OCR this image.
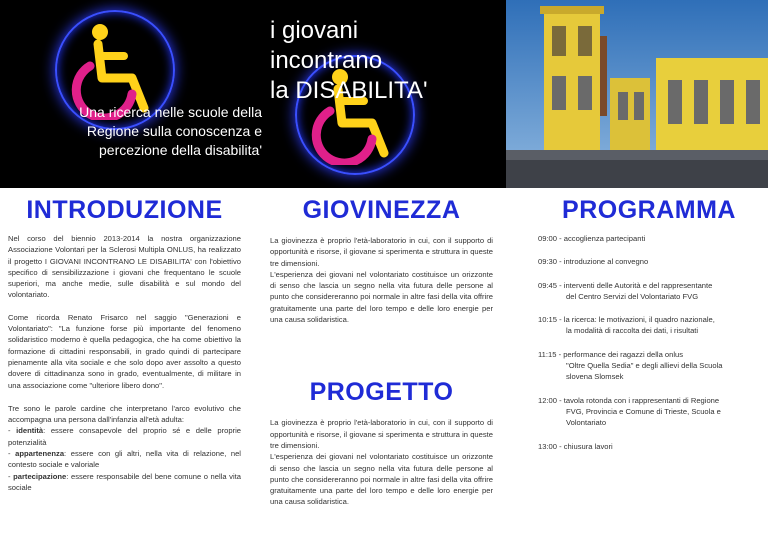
Una ricerca nelle scuole della
Regione sulla conoscenza e
percezione della disabilita'
i giovani
incontrano
la DISABILITA'
INTRODUZIONE

Nel corso del biennio 2013-2014 la nostra organizzazione Associazione Volontari per la Sclerosi Multipla ONLUS, ha realizzato il progetto I GIOVANI INCONTRANO LE DISABILITA' con l'obiettivo specifico di sensibilizzazione i giovani che frequentano le scuole superiori, ma anche medie, sulle disabilità e sul mondo del volontariato.

Come ricorda Renato Frisarco nel saggio "Generazioni e Volontariato": "La funzione forse più importante del fenomeno solidaristico moderno è quella pedagogica, che ha come obiettivo la formazione di cittadini responsabili, in grado quindi di partecipare pienamente alla vita sociale e che solo dopo aver assolto a questo dovere di cittadinanza sono in grado, eventualmente, di militare in una associazione come "ulteriore libero dono".

Tre sono le parole cardine che interpretano l'arco evolutivo che accompagna una persona dall'infanzia all'età adulta:
- identità: essere consapevole del proprio sé e delle proprie potenzialità
- appartenenza: essere con gli altri, nella vita di relazione, nel contesto sociale e valoriale
- partecipazione: essere responsabile del bene comune o nella vita sociale

GIOVINEZZA

La giovinezza è proprio l'età-laboratorio in cui, con il supporto di opportunità e risorse, il giovane si sperimenta e struttura in queste tre dimensioni.
L'esperienza dei giovani nel volontariato costituisce un orizzonte di senso che lascia un segno nella vita futura delle persone al punto che considereranno poi normale in altre fasi della vita offrire gratuitamente una parte del loro tempo e delle loro energie per una causa solidaristica.

PROGETTO

La giovinezza è proprio l'età-laboratorio in cui, con il supporto di opportunità e risorse, il giovane si sperimenta e struttura in queste tre dimensioni.
L'esperienza dei giovani nel volontariato costituisce un orizzonte di senso che lascia un segno nella vita futura delle persone al punto che considereranno poi normale in altre fasi della vita offrire gratuitamente una parte del loro tempo e delle loro energie per una causa solidaristica.

PROGRAMMA
09:00 - accoglienza partecipanti
09:30 - introduzione al convegno
09:45 - interventi delle Autorità e del rappresentante
del Centro Servizi del Volontariato FVG
10:15 - la ricerca: le motivazioni, il quadro nazionale,
la modalità di raccolta dei dati, i risultati
11:15 - performance dei ragazzi della onlus
"Oltre Quella Sedia" e degli allievi della Scuola
slovena Slomsek
12:00 - tavola rotonda con i rappresentanti di Regione
FVG, Provincia e Comune di Trieste, Scuola e
Volontariato
13:00 - chiusura lavori
